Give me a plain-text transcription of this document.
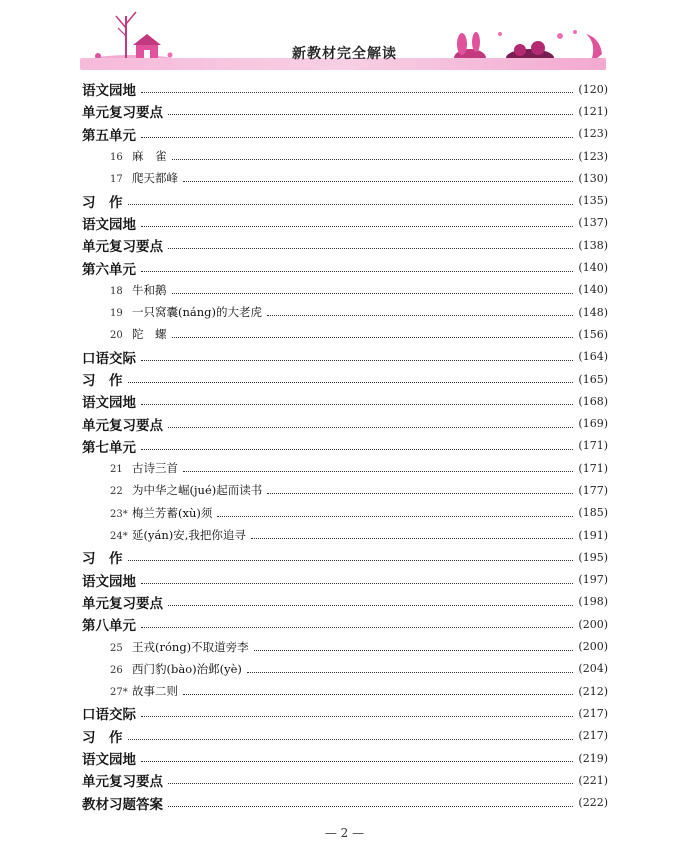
新教材完全解读
语文园地	(120)
单元复习要点	(121)
第五单元	(123)
16 麻　雀	(123)
17 爬天都峰	(130)
习　作	(135)
语文园地	(137)
单元复习要点	(138)
第六单元	(140)
18 牛和鹅	(140)
19 一只窝囊(náng)的大老虎	(148)
20 陀　螺	(156)
口语交际	(164)
习　作	(165)
语文园地	(168)
单元复习要点	(169)
第七单元	(171)
21 古诗三首	(171)
22 为中华之崛(jué)起而读书	(177)
23* 梅兰芳蓄(xù)须	(185)
24* 延(yán)安,我把你追寻	(191)
习　作	(195)
语文园地	(197)
单元复习要点	(198)
第八单元	(200)
25 王戎(róng)不取道旁李	(200)
26 西门豹(bào)治邺(yè)	(204)
27* 故事二则	(212)
口语交际	(217)
习　作	(217)
语文园地	(219)
单元复习要点	(221)
教材习题答案	(222)
— 2 —
